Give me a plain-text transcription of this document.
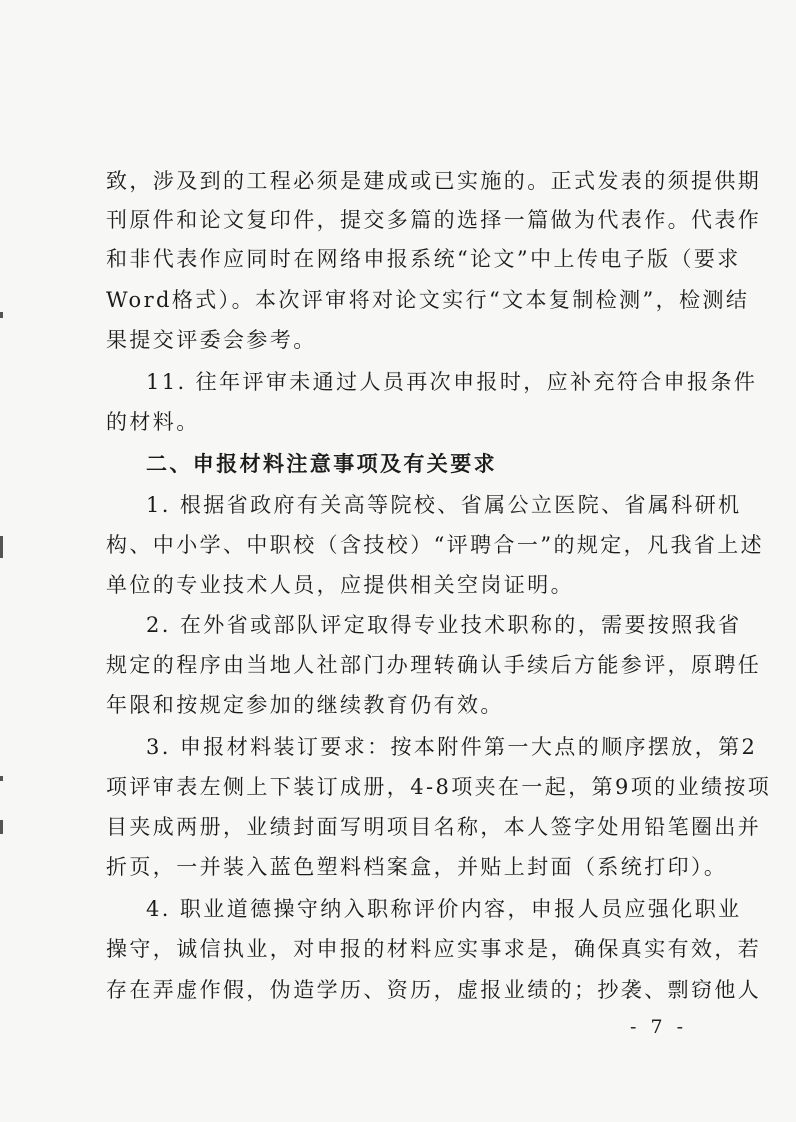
致，涉及到的工程必须是建成或已实施的。正式发表的须提供期
刊原件和论文复印件，提交多篇的选择一篇做为代表作。代表作
和非代表作应同时在网络申报系统“论文”中上传电子版（要求
Word格式）。本次评审将对论文实行“文本复制检测”，检测结
果提交评委会参考。
11. 往年评审未通过人员再次申报时，应补充符合申报条件
的材料。
二、申报材料注意事项及有关要求
1. 根据省政府有关高等院校、省属公立医院、省属科研机
构、中小学、中职校（含技校）“评聘合一”的规定，凡我省上述
单位的专业技术人员，应提供相关空岗证明。
2. 在外省或部队评定取得专业技术职称的，需要按照我省
规定的程序由当地人社部门办理转确认手续后方能参评，原聘任
年限和按规定参加的继续教育仍有效。
3. 申报材料装订要求：按本附件第一大点的顺序摆放，第2
项评审表左侧上下装订成册，4-8项夹在一起，第9项的业绩按项
目夹成两册，业绩封面写明项目名称，本人签字处用铅笔圈出并
折页，一并装入蓝色塑料档案盒，并贴上封面（系统打印）。
4. 职业道德操守纳入职称评价内容，申报人员应强化职业
操守，诚信执业，对申报的材料应实事求是，确保真实有效，若
存在弄虚作假，伪造学历、资历，虚报业绩的；抄袭、剽窃他人
- 7 -
